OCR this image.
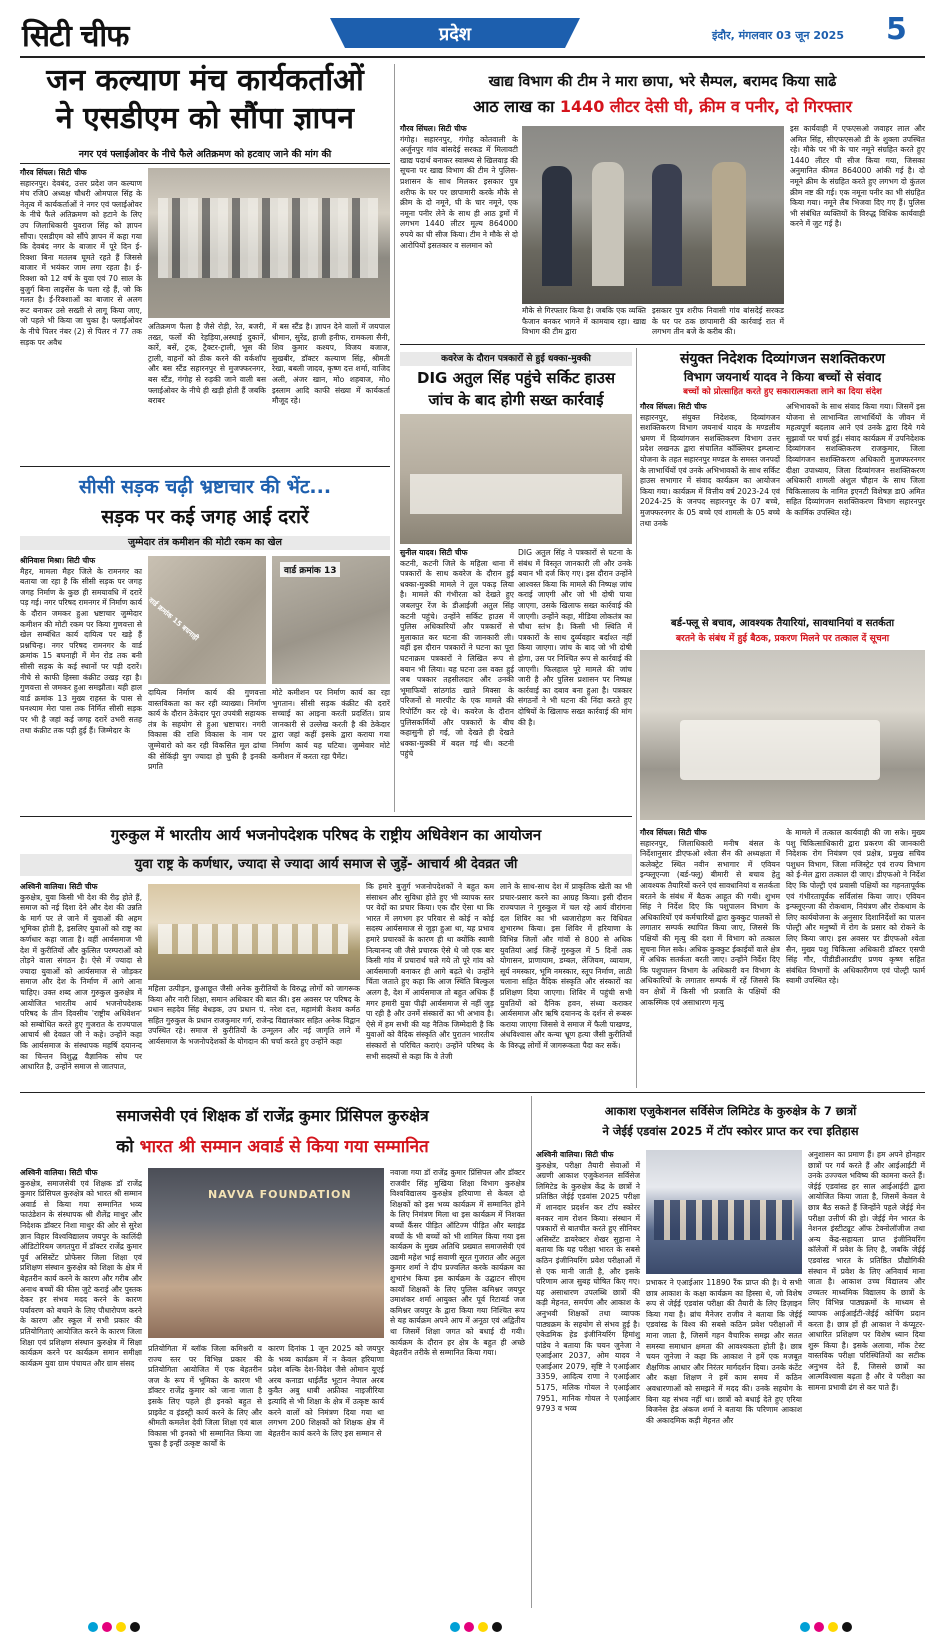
सिटी चीफ	प्रदेश	इंदौर, मंगलवार 03 जून 2025 5
जन कल्याण मंच कार्यकर्ताओं
ने एसडीएम को सौंपा ज्ञापन
नगर एवं फ्लाईओवर के नीचे फैले अतिक्रमण को हटवाए जाने की मांग की
गौरव सिंघल। सिटी चीफ
सहारनपुर। देवबंद, उत्तर प्रदेश जन कल्याण मंच रजि0 अध्यक्ष चौधरी ओमपाल सिंह के नेतृत्व में कार्यकर्ताओं ने नगर एवं फ्लाईओवर के नीचे फैले अतिक्रमण को हटाने के लिए उप जिलाधिकारी युवराज सिंह को ज्ञापन सौंपा। एसडीएम को सौंपे ज्ञापन में कहा गया कि देवबंद नगर के बाजार में पूरे दिन ई-रिक्शा बिना मतलब घूमते रहते हैं जिससे बाजार में भयंकर जाम लगा रहता है। ई-रिक्शा को 12 वर्ष के युवा एवं 70 साल के बुजुर्ग बिना लाइसेंस के चला रहे हैं, जो कि गलत है। ई-रिक्शाओं का बाजार से अलग रूट बनाकर उसे सख्ती से लागू किया जाए, जो पहले भी किया जा चुका है। फ्लाईओवर के नीचे पिलर नंबर (2) से पिलर नं 77 तक सड़क पर अवैध
अतिक्रमण फैला है जैसे रोड़ी, रेत, बजरी, तख्त, फलों की रेहड़िया,अस्थाई दुकानें, कारें, बसें, ट्रक, ट्रैक्टर-ट्राली, भूस की ट्राली, वाहनों को ठीक करने की वर्कशॉप और बस स्टैंड सहारनपुर से मुजफ्फरनगर, बस स्टैंड, गंगोह से रुड़की जाने वाली बस फ्लाईओवर के नीचे ही खड़ी होती हैं जबकि बराबर
में बस स्टैंड है। ज्ञापन देने वालों में जयपाल धीमान, सुरेंद्र, हाजी हनीफ, रामकला सैनी, शिव कुमार कश्यप, विजय बजाज, सुखबीर, डॉक्टर कल्याण सिंह, श्रीमती रेखा, बबली जादव, कृष्ण दत्त शर्मा, वाजिद अली, अंजर खान, मोo शहबाज, मोo इस्लाम आदि काफी संख्या में कार्यकर्ता मौजूद रहे।
खाद्य विभाग की टीम ने मारा छापा, भरे सैम्पल, बरामद किया साढे
आठ लाख का 1440 लीटर देसी घी, क्रीम व पनीर, दो गिरफ्तार
गौरव सिंघल। सिटी चीफ
गंगोह। सहारनपुर, गंगोह कोतवाली के अर्जुनपुर गांव बांसदेई सरकड में मिलावटी खाद्य पदार्थ बनाकर स्वास्थ्य से खिलवाड़ की सूचना पर खाद्य विभाग की टीम ने पुलिस-प्रशासन के साथ मिलकर इसकार पुत्र शरीफ के घर पर छापामारी करके मौके से क्रीम के दो नमूने, घी के चार नमूने, एक नमूना पनीर लेने के साथ ही आठ ड्रमों में लगभग 1440 लीटर मूल्य 864000 रुपये का घी सीज किया। टीम ने मौके से दो आरोपियों इसतकार व सलमान को
मौके से गिरफ्तार किया है। जबकि एक व्यक्ति फैजान बनकर भागने में कामयाब रहा। खाद्य विभाग की टीम द्वारा
इसकार पुत्र शरीफ निवासी गांव बांसदेई सरकड के घर पर ठक छापामारी की कार्रवाई रात में लगभग तीन बजे के करीब की।
इस कार्यवाही में एफएसओ जवाहर लाल और अमित सिंह, सीएफएसओ डी के शुक्ला उपस्थित रहे। मौके पर भी के चार नमूने संग्रहित करते हुए 1440 लीटर घी सीज किया गया, जिसका अनुमानित कीमत 864000 आंकी गई है। दो नमूने क्रीम के संग्रहित करते हुए लगभग दो कुंतल क्रीम नष्ट की गई। एक नमूना पनीर का भी संग्रहित किया गया। नमूने लैब भिजवा दिए गए हैं। पुलिस भी संबंधित व्यक्तियों के विरुद्ध विधिक कार्यवाही करने में जुट गई है।
सीसी सड़क चढ़ी भ्रष्टाचार की भेंट...
सड़क पर कई जगह आई दरारें
जुम्मेदार तंत्र कमीशन की मोटी रकम का खेल
श्रीनिवास मिश्रा। सिटी चीफ
मैहर, मामला मैहर जिले के रामनगर का बताया जा रहा है कि सीसी सड़क पर जगह जगह निर्माण के कुछ ही समयावधि में दरारें पड़ गई। नगर परिषद रामनगर में निर्माण कार्य के दौरान जमकर हुआ भ्रष्टाचार जुम्मेदार कमीशन की मोटी रकम पर किया गुणवत्ता से खेल सम्बंधित कार्य दायित्व पर खड़े हैं प्रश्नचिन्ह। नगर परिषद रामनगर के वार्ड क्रमांक 15 बघनाही में मेन रोड तक बनी सीसी सड़क के कई स्थानों पर पड़ी दरारें। नीचे से काफी हिस्सा कंक्रीट उखड़ रहा है। गुणवत्ता से जमकर हुआ समझौता। यही हाल वार्ड क्रमांक 13 मुख्य राहस्त के पास से घनश्याम मेरा पास तक निर्मित सीसी सड़क पर भी है जहां कई जगह दरारें उभरी सतह तथा कंक्रीट तक पड़ी हुई हैं। जिम्मेदार के
वार्ड क्रमांक 15 बघनाही
वार्ड क्रमांक 13
दायित्व निर्माण कार्य की गुणवत्ता वास्तविकता का कर रही व्याख्या। निर्माण कार्य के दौरान ठेकेदार पूरा उपयंत्री सहायक तंत्र के सहयोग से हुआ भ्रष्टाचार। नगरी विकास की राशि विकास के नाम पर जुम्मेवारो को कर रही विकसित मूल ढांचा की सेकिंड़ी युग ज्यादा हो चुकी है इनकी प्रगति
मोटे कमीशन पर निर्माण कार्य का रहा भुगतान। सीसी सड़क कंक्रीट की दरारें सच्चाई का आइना करती प्रदर्शित। प्राय जानकारी से उल्लेख करती है की ठेकेदार द्वारा जहां कहीं इसके द्वारा कराया गया निर्माण कार्य यह घटिया। जुम्मेवार मोटे कमीशन में करता रहा पैमेंट।
कवरेज के दौरान पत्रकारों से हुई धक्का-मुक्की
DIG अतुल सिंह पहुंचे सर्किट हाउस
जांच के बाद होगी सख्त कार्रवाई
सुनील यादव। सिटी चीफ
कटनी, कटनी जिले के महिला थाना में पत्रकारों के साथ कवरेज के दौरान हुई धक्का-मुक्की मामले ने तूल पकड़ लिया है। मामले की गंभीरता को देखते हुए जबलपुर रेंज के डीआईजी अतुल सिंह कटनी पहुंचे। उन्होंने सर्किट हाउस में पुलिस अधिकारियों और पत्रकारों से मुलाकात कर घटना की जानकारी ली। वहीं इस दौरान पत्रकारों ने घटना का पूरा घटनाक्रम पत्रकारों ने लिखित रूप से बयान भी लिया। यह घटना उस वक्त हुई जब पत्रकार तहसीलदार और उनकी भूमाफियों सांठगांठ खाते मिक्सा के परिजनों से मारपीट के एक मामले की रिपोर्टिंग कर रहे थे। कवरेज के दौरान पुलिसकर्मियों और पत्रकारों के बीच कहासुनी हो गई, जो देखते ही देखते धक्का-मुक्की में बदल गई थी। कटनी पहुंचे
DIG अतुल सिंह ने पत्रकारों से घटना के संबंध में विस्तृत जानकारी ली और उनके बयान भी दर्ज किए गए। इस दौरान उन्होंने आश्वस्त किया कि मामले की निष्पक्ष जांच कराई जाएगी और जो भी दोषी पाया जाएगा, उसके खिलाफ सख्त कार्रवाई की जाएगी। उन्होंने कहा, मीडिया लोकतंत्र का चौथा स्तंभ है। किसी भी स्थिति में पत्रकारों के साथ दुर्व्यवहार बर्दाश्त नहीं किया जाएगा। जांच के बाद जो भी दोषी होगा, उस पर निश्चित रूप से कार्रवाई की जाएगी। फिलहाल पूरे मामले की जांच जारी है और पुलिस प्रशासन पर निष्पक्ष कार्रवाई का दबाव बना हुआ है। पत्रकार संगठनों ने भी घटना की निंदा करते हुए दोषियों के खिलाफ सख्त कार्रवाई की मांग की है।
संयुक्त निदेशक दिव्यांगजन सशक्तिकरण
विभाग जयनार्थ यादव ने किया बच्चों से संवाद
बच्चों को प्रोत्साहित करते हुए सकारात्मकता लाने का दिया संदेश
गौरव सिंघल। सिटी चीफ
सहारनपुर, संयुक्त निदेशक, दिव्यांगजन सशक्तिकरण विभाग जयनार्थ यादव के मण्डलीय भ्रमण में दिव्यांगजन सशक्तिकरण विभाग उत्तर प्रदेश लखनऊ द्वारा संचालित कॉक्लियर इम्प्लान्ट योजना के तहत सहारनपुर मण्डल के समस्त जनपदों के लाभार्थियों एवं उनके अभिभावकों के साथ सर्किट हाउस सभागार में संवाद कार्यक्रम का आयोजन किया गया। कार्यक्रम में वित्तीय वर्ष 2023-24 एवं 2024-25 के जनपद सहारनपुर के 07 बच्चे, मुजफ्फरनगर के 05 बच्चे एवं शामली के 05 बच्चे तथा उनके
अभिभावकों के साथ संवाद किया गया। जिसमें इस योजना से लाभान्वित लाभार्थियों के जीवन में महत्वपूर्ण बदलाव आने एवं उनके द्वारा दिये गये सुझावों पर चर्चा हुई। संवाद कार्यक्रम में उपनिदेशक दिव्यांगजन सशक्तिकरण राजकुमार, जिला दिव्यांगजन सशक्तिकरण अधिकारी मुजफ्फरनगर दीक्षा उपाध्याय, जिला दिव्यांगजन सशक्तिकरण अधिकारी शामली अंशुल चौहान के साथ जिला चिकित्सालय के नामित इएनटी विशेषज्ञ डा0 अमित सहित दिव्यांगजन सशक्तिकरण विभाग सहारनपुर के कार्मिक उपस्थित रहे।
बर्ड-फ्लू से बचाव, आवश्यक तैयारियां, सावधानियां व सतर्कता
बरतने के संबंध में हुई बैठक, प्रकरण मिलने पर तत्काल दें सूचना
गौरव सिंघल। सिटी चीफ
सहारनपुर, जिलाधिकारी मनीष बंसल के निर्देशानुसार डीएफओ श्वेता सैन की अध्यक्षता में कलेक्ट्रेट स्थित नवीन सभागार में एवियन इन्फ्लूएन्जा (बर्ड-फ्लू) बीमारी से बचाव हेतु आवश्यक तैयारियों करने एवं सावधानियां व सतर्कता बरतने के संबंध में बैठक आहूत की गयी। शुभम सिंह ने निर्देश दिए कि पशुपालन विभाग के अधिकारियों एवं कर्मचारियों द्वारा कुक्कुट पालकों से लगातार सम्पर्क स्थापित किया जाए, जिससे कि पक्षियों की मृत्यु की दशा में विभाग को तत्काल सूचना मिल सके। अधिक कुक्कुट ईकाईयों वाले क्षेत्र में अधिक सतर्कता बरती जाए। उन्होंने निर्देश दिए कि पशुपालन विभाग के अधिकारी वन विभाग के अधिकारियों के लगातार सम्पर्क में रहें जिससे कि वन क्षेत्रों में किसी भी प्रजाति के पक्षियों की आकस्मिक एवं असाधारण मृत्यु
के मामले में तत्काल कार्यवाही की जा सके। मुख्य पशु चिकित्साधिकारी द्वारा प्रकरण की जानकारी निदेशक रोग नियंत्रण एवं प्रक्षेत्र, प्रमुख सचिव पशुधन विभाग, जिला मजिस्ट्रेट एवं राज्य विभाग को ई-मेल द्वारा तत्काल दी जाए। डीएफओ ने निर्देश दिए कि पोल्ट्री एवं प्रवासी पक्षियों का गहनतापूर्वक एवं गंभीरतापूर्वक सर्विलांस किया जाए। एवियन इन्फ्लूएन्जा की रोकथाम, नियंत्रण और रोकथाम के लिए कार्ययोजना के अनुसार दिशानिर्देशों का पालन पोल्ट्री और मनुष्यों में रोग के प्रसार को रोकने के लिए किया जाए। इस अवसर पर डीएफओ श्वेता सैन, मुख्य पशु चिकित्सा अधिकारी डॉक्टर एसपी सिंह गौर, पीडीडीआरडीए प्रणय कृष्ण सहित संबंधित विभागों के अधिकारीगण एवं पोल्ट्री फार्म स्वामी उपस्थित रहे।
गुरुकुल में भारतीय आर्य भजनोपदेशक परिषद के राष्ट्रीय अधिवेशन का आयोजन
युवा राष्ट्र के कर्णधार, ज्यादा से ज्यादा आर्य समाज से जुड़ें- आचार्य श्री देवव्रत जी
अश्विनी वालिया। सिटी चीफ
कुरुक्षेत्र, युवा किसी भी देश की रीढ़ होते हैं, समाज को नई दिशा देने और देश की उन्नति के मार्ग पर ले जाने में युवाओं की अहम भूमिका होती है, इसलिए युवाओं को राष्ट्र का कर्णधार कहा जाता है। वहीं आर्यसमाज भी देश में कुरीतियों और कुत्सित परम्पराओं को तोड़ने वाला संगठन है। ऐसे में ज्यादा से ज्यादा युवाओं को आर्यसमाज से जोड़कर समाज और देश के निर्माण में आगे आना चाहिए। उक्त शब्द आज गुरुकुल कुरुक्षेत्र में आयोजित भारतीय आर्य भजनोपदेशक परिषद के तीन दिवसीय 'राष्ट्रीय अधिवेशन' को सम्बोधित करते हुए गुजरात के राज्यपाल आचार्य श्री देवव्रत जी ने कहे। उन्होंने कहा कि आर्यसमाज के संस्थापक महर्षि दयानन्द का चिन्तन विशुद्ध वैज्ञानिक सोच पर आधारित है, उन्होंने समाज से जातपात,
महिला उत्पीड़न, छुआछूत जैसी अनेक कुरीतियों के विरुद्ध लोगों को जागरूक किया और नारी शिक्षा, समान अधिकार की बात की। इस अवसर पर परिषद के प्रधान सहदेव सिंह बेधड़क, उप प्रधान पं. नरेश दत्त, महामंत्री केशव कर्मठ सहित गुरुकुल के प्रधान राजकुमार गर्ग, राजेन्द्र विद्यालंकार सहित अनेक विद्वान उपस्थित रहे। समाज से कुरीतियों के उन्मूलन और नई जागृति लाने में आर्यसमाज के भजनोपदेशकों के योगदान की चर्चा करते हुए उन्होंने कहा
कि हमारे बुजुर्ग भजनोपदेशकों ने बहुत कम संसाधन और सुविधा होते हुए भी व्यापक स्तर पर वेदों का प्रचार किया। एक दौर ऐसा था कि भारत में लगभग हर परिवार से कोई न कोई सदस्य आर्यसमाज से जुड़ा हुआ था, यह प्रभाव हमारे प्रचारकों के कारण ही था क्योंकि स्वामी नित्यानन्द जी जैसे प्रचारक ऐसे थे जो एक बार किसी गांव में प्रचारार्थ चले गये तो पूरे गांव को आर्यसमाजी बनाकर ही आगे बढ़ते थे। उन्होंने चिंता जताते हुए कहा कि आज स्थिति बिल्कुल अलग है, देश में आर्यसमाज तो बहुत अधिक हैं मगर हमारी युवा पीढ़ी आर्यसमाज से नहीं जुड़ पा रही है और उनमें संस्कारों का भी अभाव है। ऐसे में हम सभी की यह नैतिक जिम्मेदारी है कि युवाओं को वैदिक संस्कृति और पुरातन भारतीय संस्कारों से परिचित कराएं। उन्होंने परिषद के सभी सदस्यों से कहा कि वे तेजी
लाने के साथ-साथ देश में प्राकृतिक खेती का भी प्रचार-प्रसार करने का आग्रह किया। इसी दौरान राज्यपाल ने गुरुकुल में चल रहे आर्य वीरांगना दल शिविर का भी ध्वजारोहण कर विधिवत शुभारम्भ किया। इस शिविर में हरियाणा के विभिन्न जिलों और गांवों से 800 से अधिक युवतियां आई जिन्हें गुरुकुल में 5 दिनों तक योगासन, प्राणायाम, डम्बल, लेजियम, व्यायाम, सूर्य नमस्कार, भूमि नमस्कार, स्तूप निर्माण, लाठी चलाना सहित वैदिक संस्कृति और संस्कारों का प्रशिक्षण दिया जाएगा। शिविर में पहुंची सभी युवतियों को दैनिक हवन, संध्या कराकर आर्यसमाज और ऋषि दयानन्द के दर्शन से रूबरू कराया जाएगा जिससे वे समाज में फैली पाखण्ड, अंधविश्वास और कन्या भ्रूण हत्या जैसी कुरीतियों के विरुद्ध लोगों में जागरूकता पैदा कर सकें।
समाजसेवी एवं शिक्षक डॉ राजेंद्र कुमार प्रिंसिपल कुरुक्षेत्र
को भारत श्री सम्मान अवार्ड से किया गया सम्मानित
अश्विनी वालिया। सिटी चीफ
कुरुक्षेत्र, समाजसेवी एवं शिक्षक डॉ राजेंद्र कुमार प्रिंसिपल कुरुक्षेत्र को भारत श्री सम्मान अवार्ड से किया गया सम्मानित भव्य फाउंडेशन के संस्थापक श्री शैलेंद्र माथुर और निदेशक डॉक्टर निशा माथुर की ओर से सुरेश ज्ञान विहार विश्वविद्यालय जयपुर के कालिंदी ऑडिटोरियम जगतपुरा में डॉक्टर राजेंद्र कुमार पूर्व असिस्टेंट प्रोफेसर जिला शिक्षा एवं प्रशिक्षण संस्थान कुरुक्षेत्र को शिक्षा के क्षेत्र में बेहतरीन कार्य करने के कारण और गरीब और अनाथ बच्चों की फीस जुटे कराई और पुस्तक देकर हर संभव मदद करने के कारण पर्यावरण को बचाने के लिए पौधारोपण करने के कारण और स्कूल में सभी प्रकार की प्रतियोगिताएं आयोजित करने के कारण जिला शिक्षा एवं प्रशिक्षण संस्थान कुरुक्षेत्र में सिक्षा कार्यक्रम करने पर कार्यक्रम समान समीक्षा कार्यक्रम युवा ग्राम पंचायत और ग्राम संसद
NAVVA FOUNDATION
प्रतियोगिता में ब्लॉक जिला कमिश्नरी व राज्य स्तर पर विभिन्न प्रकार की प्रतियोगिता आयोजित में एक बेहतरीन जज के रूप में भूमिका के कारण भी डॉक्टर राजेंद्र कुमार को जाना जाता है इसके लिए पहले ही इनको बहुत से प्राइवेट व इंडस्ट्री कार्य करने के लिए और श्रीमती कमलेश देवी जिला शिक्षा एवं बाल विकास भी इनको भी सम्मानित किया जा चुका है इन्हीं उत्कृष्ट कार्यों के
कारण दिनांक 1 जून 2025 को जयपुर के भव्य कार्यक्रम में न केवल हरियाणा प्रदेश बल्कि देश-विदेश जैसे ओमान यूएई अरब कनाडा थाईलैंड भूटान नेपाल अरब कुवैत अबु धाबी अफ्रीका नाइजीरिया इत्यादि से भी शिक्षा के क्षेत्र में उत्कृष्ट कार्य करने वालों को निमंत्रण दिया गया था लगभग 200 शिक्षकों को शिक्षक क्षेत्र में बेहतरीन कार्य करने के लिए इस सम्मान से
नवाजा गया डॉ राजेंद्र कुमार प्रिंसिपल और डॉक्टर राजवीर सिंह मुखिया शिक्षा विभाग कुरुक्षेत्र विश्वविद्यालय कुरुक्षेत्र हरियाणा से केवल दो शिक्षकों को इस भव्य कार्यक्रम में सम्मानित होने के लिए निमंत्रण मिला था इस कार्यक्रम में निशक्त बच्चों कैंसर पीड़ित ऑटिज्म पीड़ित और ब्लाइंड बच्चों के भी बच्चों को भी शामिल किया गया इस कार्यक्रम के मुख्य अतिथि प्रख्यात समाजसेवी एवं उद्यमी महेश भाई सवाणी सूरत गुजरात और अतुल कुमार शर्मा ने दीप प्रज्वलित करके कार्यक्रम का शुभारंभ किया इस कार्यक्रम के उद्घाटन सीएम कार्यों शिक्षकों के लिए पुलिस कमिश्नर जयपुर उमाशंकर शर्मा आयुक्त और पूर्व रिटायर्ड जज कमिश्नर जयपुर के द्वारा किया गया निश्चित रूप से यह कार्यक्रम अपने आप में अनूठा एवं अद्वितीय था जिसमें शिक्षा जगत को बधाई दी गयी। कार्यक्रम के दौरान हर क्षेत्र के बहुत ही अच्छे बेहतरीन तरीके से सम्मानित किया गया।
आकाश एजुकेशनल सर्विसेज लिमिटेड के कुरुक्षेत्र के 7 छात्रों
ने जेईई एडवांस 2025 में टॉप स्कोरर प्राप्त कर रचा इतिहास
अश्विनी वालिया। सिटी चीफ
कुरुक्षेत्र, परीक्षा तैयारी सेवाओं में अग्रणी आकाश एजुकेशनल सर्विसेज लिमिटेड के कुरुक्षेत्र केंद्र के छात्रों ने प्रतिष्ठित जेईई एडवांस 2025 परीक्षा में शानदार प्रदर्शन कर टॉप स्कोरर बनकर नाम रोशन किया। संस्थान में पत्रकारों से बातचीत करते हुए सीनियर असिस्टेंट डायरेक्टर शेखर सुहाना ने बताया कि यह परीक्षा भारत के सबसे कठिन इंजीनियरिंग प्रवेश परीक्षाओं में से एक मानी जाती है, और इसके परिणाम आज सुबह घोषित किए गए। यह असाधारण उपलब्धि छात्रों की कड़ी मेहनत, समर्पण और आकाश के अनुभवी शिक्षकों तथा व्यापक पाठ्यक्रम के सहयोग से संभव हुई है। एकेडमिक हेड इंजीनियरिंग हिमांशु पांडेय ने बताया कि चयन जुनेजा ने एआईआर 2037, ओम यादव ने एआईआर 2079, सृष्टि ने एआईआर 3359, आदित्य राणा ने एआईआर 5175, मलिक गोयल ने एआईआर 7951, मानिक गोयल ने एआईआर 9793 व भव्य
प्रभाकर ने एआईआर 11890 रैंक प्राप्त की है। ये सभी छात्र आकाश के कक्षा कार्यक्रम का हिस्सा थे, जो विशेष रूप से जेईई एडवांस परीक्षा की तैयारी के लिए डिज़ाइन किया गया है। ब्रांच मैनेजर राजीव ने बताया कि जेईई एडवांस्ड के विश्व की सबसे कठिन प्रवेश परीक्षाओं में माना जाता है, जिसमें गहन वैचारिक समझ और सतत समस्या समाधान क्षमता की आवश्यकता होती है। छात्र चयन जुनेजा ने कहा कि आकाश ने हमें एक मजबूत शैक्षणिक आधार और निरंतर मार्गदर्शन दिया। उनके कंटेंट और कक्षा शिक्षण ने हमें काम समय में कठिन अवधारणाओं को समझने में मदद की। उनके सहयोग के बिना यह संभव नहीं था। छात्रों को बधाई देते हुए एरिया बिजनेस हेड अंकज शर्मा ने बताया कि परिणाम आकाश की अकादमिक कड़ी मेहनत और
अनुशासन का प्रमाण हैं। हम अपने होनहार छात्रों पर गर्व करते हैं और आईआईटी में उनके उज्ज्वल भविष्य की कामना करते हैं। जेईई एडवांस्ड हर साल आईआईटी द्वारा आयोजित किया जाता है, जिसमें केवल वे छात्र बैठ सकते हैं जिन्होंने पहले जेईई मेन परीक्षा उत्तीर्ण की हो। जेईई मेन भारत के नेशनल इंस्टीट्यूट ऑफ टेक्नोलॉजीज तथा अन्य केंद्र-सहायता प्राप्त इंजीनियरिंग कॉलेजों में प्रवेश के लिए है, जबकि जेईई एडवांस्ड भारत के प्रतिष्ठित प्रौद्योगिकी संस्थान में प्रवेश के लिए अनिवार्य माना जाता है। आकाश उच्च विद्यालय और उच्चतर माध्यमिक विद्यालय के छात्रों के लिए विभिन्न पाठ्यक्रमों के माध्यम से व्यापक आईआईटी-जेईई कोचिंग प्रदान करता है। छात्र हों ही आकाश ने कंप्यूटर-आधारित प्रशिक्षण पर विशेष ध्यान दिया शुरू किया है। इसके अलावा, मॉक टेस्ट वास्तविक परीक्षा परिस्थितियों का सटीक अनुभव देते हैं, जिससे छात्रों का आत्मविश्वास बढ़ता है और वे परीक्षा का सामना प्रभावी ढंग से कर पाते हैं।
